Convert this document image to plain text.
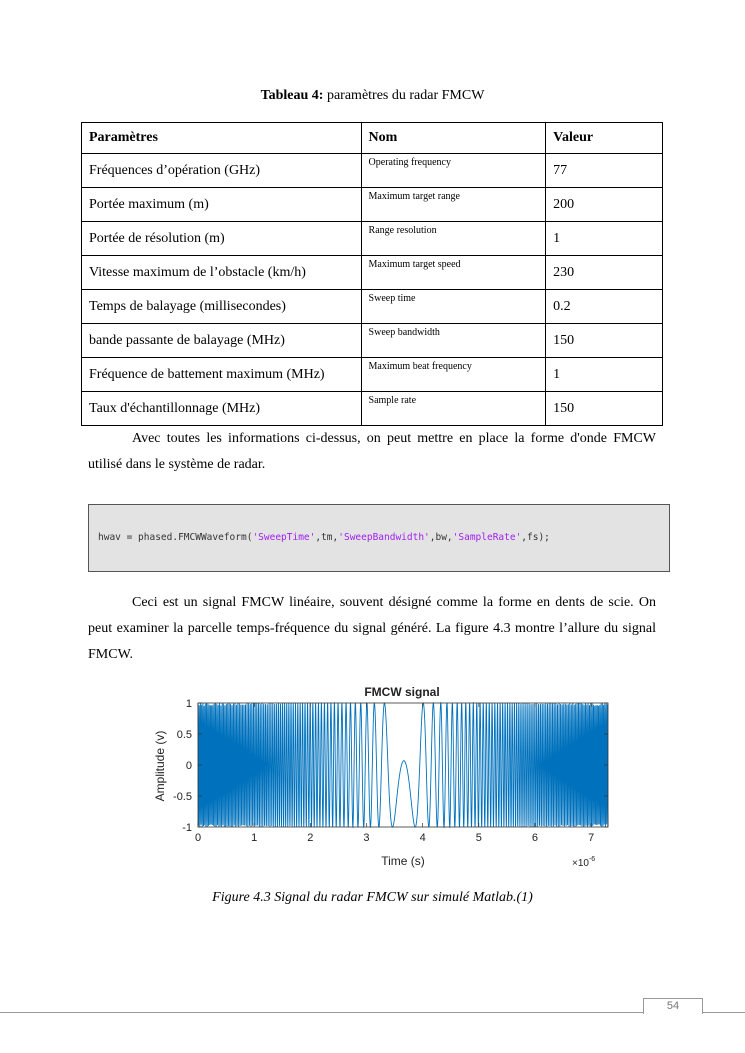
Tableau 4: paramètres du radar FMCW
Paramètres	Nom	Valeur
Fréquences d’opération (GHz)	Operating frequency	77
Portée maximum (m)	Maximum target range	200
Portée de résolution (m)	Range resolution	1
Vitesse maximum de l’obstacle (km/h)	Maximum target speed	230
Temps de balayage (millisecondes)	Sweep time	0.2
bande passante de balayage (MHz)	Sweep bandwidth	150
Fréquence de battement maximum (MHz)	Maximum beat frequency	1
Taux d'échantillonnage (MHz)	Sample rate	150
Avec toutes les informations ci-dessus, on peut mettre en place la forme d'onde FMCW utilisé dans le système de radar.
hwav = phased.FMCWWaveform('SweepTime',tm,'SweepBandwidth',bw,'SampleRate',fs);
Ceci est un signal FMCW linéaire, souvent désigné comme la forme en dents de scie. On peut examiner la parcelle temps-fréquence du signal généré. La figure 4.3 montre l’allure du signal FMCW.
FMCW signal
-1
-0.5
0
0.5
1
0	1	2	3	4	5	6	7
Amplitude (v)
Time (s)	$\times 10^{-6}$
Figure 4.3 Signal du radar FMCW sur simulé Matlab.(1)
54
